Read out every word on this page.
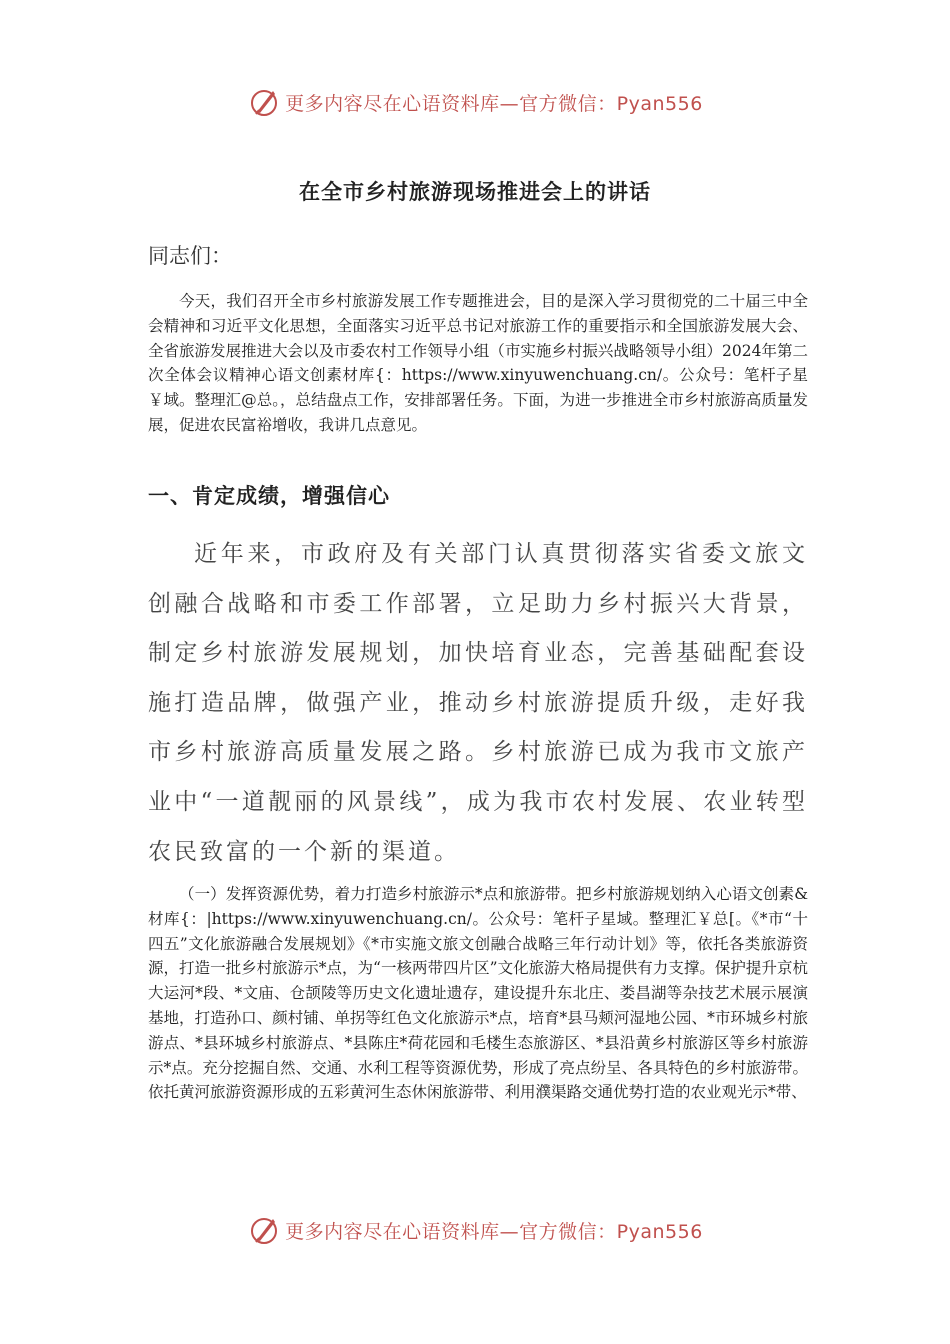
更多内容尽在心语资料库—官方微信：Pyan556
在全市乡村旅游现场推进会上的讲话
同志们：
今天，我们召开全市乡村旅游发展工作专题推进会，目的是深入学习贯彻党的二十届三中全会精神和习近平文化思想，全面落实习近平总书记对旅游工作的重要指示和全国旅游发展大会、全省旅游发展推进大会以及市委农村工作领导小组（市实施乡村振兴战略领导小组）2024年第二次全体会议精神心语文创素材库{：https://www.xinyuwenchuang.cn/。公众号：笔杆子星￥域。整理汇@总。，总结盘点工作，安排部署任务。下面，为进一步推进全市乡村旅游高质量发展，促进农民富裕增收，我讲几点意见。
一、肯定成绩，增强信心
近年来，市政府及有关部门认真贯彻落实省委文旅文创融合战略和市委工作部署，立足助力乡村振兴大背景，制定乡村旅游发展规划，加快培育业态，完善基础配套设施打造品牌，做强产业，推动乡村旅游提质升级，走好我市乡村旅游高质量发展之路。乡村旅游已成为我市文旅产业中“一道靓丽的风景线”，成为我市农村发展、农业转型农民致富的一个新的渠道。
（一）发挥资源优势，着力打造乡村旅游示*点和旅游带。把乡村旅游规划纳入心语文创素&材库{：|https://www.xinyuwenchuang.cn/。公众号：笔杆子星域。整理汇￥总[。《*市“十四五”文化旅游融合发展规划》《*市实施文旅文创融合战略三年行动计划》等，依托各类旅游资源，打造一批乡村旅游示*点，为“一核两带四片区”文化旅游大格局提供有力支撑。保护提升京杭大运河*段、*文庙、仓颉陵等历史文化遗址遗存，建设提升东北庄、娄昌湖等杂技艺术展示展演基地，打造孙口、颜村铺、单拐等红色文化旅游示*点，培育*县马颊河湿地公园、*市环城乡村旅游点、*县环城乡村旅游点、*县陈庄*荷花园和毛楼生态旅游区、*县沿黄乡村旅游区等乡村旅游示*点。充分挖掘自然、交通、水利工程等资源优势，形成了亮点纷呈、各具特色的乡村旅游带。依托黄河旅游资源形成的五彩黄河生态休闲旅游带、利用濮渠路交通优势打造的农业观光示*带、
更多内容尽在心语资料库—官方微信：Pyan556
